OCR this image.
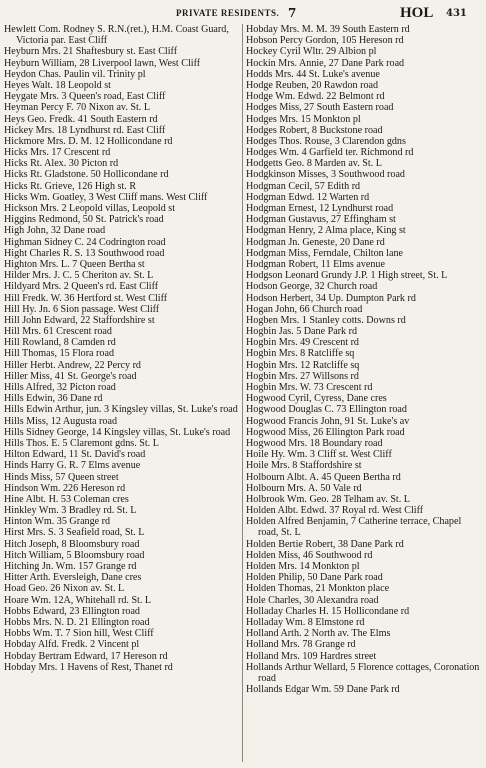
PRIVATE RESIDENTS. 7	HOL 431
Hewlett Com. Rodney S. R.N.(ret.), H.M. Coast Guard, Victoria par. East Cliff
Heyburn Mrs. 21 Shaftesbury st. East Cliff
Heyburn William, 28 Liverpool lawn, West Cliff
Heydon Chas. Paulin vil. Trinity pl
Heyes Walt. 18 Leopold st
Heygate Mrs. 3 Queen's road, East Cliff
Heyman Percy F. 70 Nixon av. St. L
Heys Geo. Fredk. 41 South Eastern rd
Hickey Mrs. 18 Lyndhurst rd. East Cliff
Hickmore Mrs. D. M. 12 Hollicondane rd
Hicks Mrs. 17 Crescent rd
Hicks Rt. Alex. 30 Picton rd
Hicks Rt. Gladstone. 50 Hollicondane rd
Hicks Rt. Grieve, 126 High st. R
Hicks Wm. Goatley, 3 West Cliff mans. West Cliff
Hickson Mrs. 2 Leopold villas, Leopold st
Higgins Redmond, 50 St. Patrick's road
High John, 32 Dane road
Highman Sidney C. 24 Codrington road
Hight Charles R. S. 13 Southwood road
Highton Mrs. L. 7 Queen Bertha st
Hilder Mrs. J. C. 5 Cheriton av. St. L
Hildyard Mrs. 2 Queen's rd. East Cliff
Hill Fredk. W. 36 Hertford st. West Cliff
Hill Hy. Jn. 6 Sion passage. West Cliff
Hill John Edward, 22 Staffordshire st
Hill Mrs. 61 Crescent road
Hill Rowland, 8 Camden rd
Hill Thomas, 15 Flora road
Hiller Herbt. Andrew, 22 Percy rd
Hiller Miss, 41 St. George's road
Hills Alfred, 32 Picton road
Hills Edwin, 36 Dane rd
Hills Edwin Arthur, jun. 3 Kingsley villas, St. Luke's road
Hills Miss, 12 Augusta road
Hills Sidney George, 14 Kingsley villas, St. Luke's road
Hills Thos. E. 5 Claremont gdns. St. L
Hilton Edward, 11 St. David's road
Hinds Harry G. R. 7 Elms avenue
Hinds Miss, 57 Queen street
Hindson Wm. 226 Hereson rd
Hine Albt. H. 53 Coleman cres
Hinkley Wm. 3 Bradley rd. St. L
Hinton Wm. 35 Grange rd
Hirst Mrs. S. 3 Seafield road, St. L
Hitch Joseph, 8 Bloomsbury road
Hitch William, 5 Bloomsbury road
Hitching Jn. Wm. 157 Grange rd
Hitter Arth. Eversleigh, Dane cres
Hoad Geo. 26 Nixon av. St. L
Hoare Wm. 12A, Whitehall rd. St. L
Hobbs Edward, 23 Ellington road
Hobbs Mrs. N. D. 21 Ellington road
Hobbs Wm. T. 7 Sion hill, West Cliff
Hobday Alfd. Fredk. 2 Vincent pl
Hobday Bertram Edward, 17 Hereson rd
Hobday Mrs. 1 Havens of Rest, Thanet rd
Hobday Mrs. M. M. 39 South Eastern rd
Hobson Percy Gordon, 105 Hereson rd
Hockey Cyril Wltr. 29 Albion pl
Hockin Mrs. Annie, 27 Dane Park road
Hodds Mrs. 44 St. Luke's avenue
Hodge Reuben, 20 Rawdon road
Hodge Wm. Edwd. 22 Belmont rd
Hodges Miss, 27 South Eastern road
Hodges Mrs. 15 Monkton pl
Hodges Robert, 8 Buckstone road
Hodges Thos. Rouse, 3 Clarendon gdns
Hodges Wm. 4 Garfield ter. Richmond rd
Hodgetts Geo. 8 Marden av. St. L
Hodgkinson Misses, 3 Southwood road
Hodgman Cecil, 57 Edith rd
Hodgman Edwd. 12 Warten rd
Hodgman Ernest, 12 Lyndhurst road
Hodgman Gustavus, 27 Effingham st
Hodgman Henry, 2 Alma place, King st
Hodgman Jn. Geneste, 20 Dane rd
Hodgman Miss, Ferndale, Chilton lane
Hodgman Robert, 11 Elms avenue
Hodgson Leonard Grundy J.P. 1 High street, St. L
Hodson George, 32 Church road
Hodson Herbert, 34 Up. Dumpton Park rd
Hogan John, 66 Church road
Hogben Mrs. 1 Stanley cotts. Downs rd
Hogbin Jas. 5 Dane Park rd
Hogbin Mrs. 49 Crescent rd
Hogbin Mrs. 8 Ratcliffe sq
Hogbin Mrs. 12 Ratcliffe sq
Hogbin Mrs. 27 Willsons rd
Hogbin Mrs. W. 73 Crescent rd
Hogwood Cyril, Cyress, Dane cres
Hogwood Douglas C. 73 Ellington road
Hogwood Francis John, 91 St. Luke's av
Hogwood Miss, 26 Ellington Park road
Hogwood Mrs. 18 Boundary road
Hoile Hy. Wm. 3 Cliff st. West Cliff
Hoile Mrs. 8 Staffordshire st
Holbourn Albt. A. 45 Queen Bertha rd
Holbourn Mrs. A. 50 Vale rd
Holbrook Wm. Geo. 28 Telham av. St. L
Holden Albt. Edwd. 37 Royal rd. West Cliff
Holden Alfred Benjamin, 7 Catherine terrace, Chapel road, St. L
Holden Bertie Robert, 38 Dane Park rd
Holden Miss, 46 Southwood rd
Holden Mrs. 14 Monkton pl
Holden Philip, 50 Dane Park road
Holden Thomas, 21 Monkton place
Hole Charles, 30 Alexandra road
Holladay Charles H. 15 Hollicondane rd
Holladay Wm. 8 Elmstone rd
Holland Arth. 2 North av. The Elms
Holland Mrs. 78 Grange rd
Holland Mrs. 109 Hardres street
Hollands Arthur Wellard, 5 Florence cottages, Coronation road
Hollands Edgar Wm. 59 Dane Park rd
